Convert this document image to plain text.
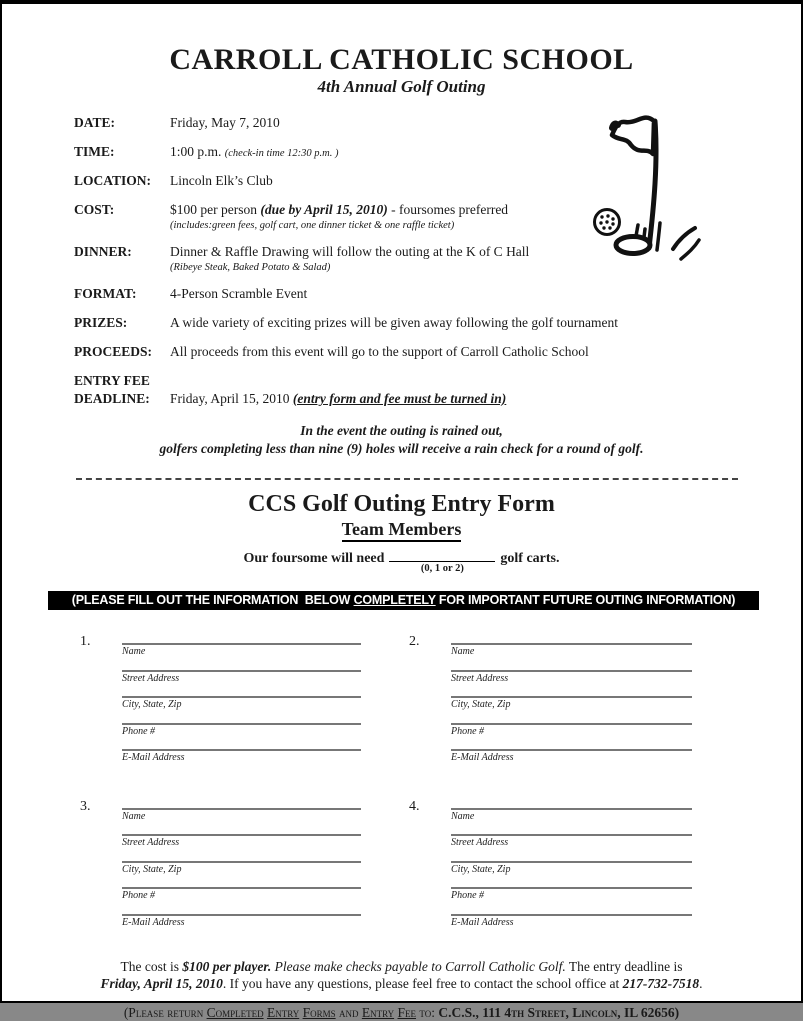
CARROLL CATHOLIC SCHOOL
4th Annual Golf Outing
DATE:	Friday, May 7, 2010
TIME:	1:00 p.m. (check-in time 12:30 p.m. )
LOCATION:	Lincoln Elk’s Club
COST:	$100 per person (due by April 15, 2010) - foursomes preferred
(includes:green fees, golf cart, one dinner ticket & one raffle ticket)
DINNER:	Dinner & Raffle Drawing will follow the outing at the K of C Hall
(Ribeye Steak, Baked Potato & Salad)
FORMAT:	4-Person Scramble Event
PRIZES:	A wide variety of exciting prizes will be given away following the golf tournament
PROCEEDS:	All proceeds from this event will go to the support of Carroll Catholic School
ENTRY FEE
DEADLINE:	Friday, April 15, 2010 (entry form and fee must be turned in)
In the event the outing is rained out,
golfers completing less than nine (9) holes will receive a rain check for a round of golf.
CCS Golf Outing Entry Form
Team Members
Our foursome will need
(0, 1 or 2)
golf carts.
(PLEASE FILL OUT THE INFORMATION  BELOW COMPLETELY FOR IMPORTANT FUTURE OUTING INFORMATION)
1.
Name
Street Address
City, State, Zip
Phone #
E-Mail Address
2.
Name
Street Address
City, State, Zip
Phone #
E-Mail Address
3.
Name
Street Address
City, State, Zip
Phone #
E-Mail Address
4.
Name
Street Address
City, State, Zip
Phone #
E-Mail Address
The cost is $100 per player. Please make checks payable to Carroll Catholic Golf. The entry deadline is
Friday, April 15, 2010. If you have any questions, please feel free to contact the school office at 217-732-7518.
(Please return Completed Entry Forms and Entry Fee to: C.C.S., 111 4th Street, Lincoln, IL 62656)
